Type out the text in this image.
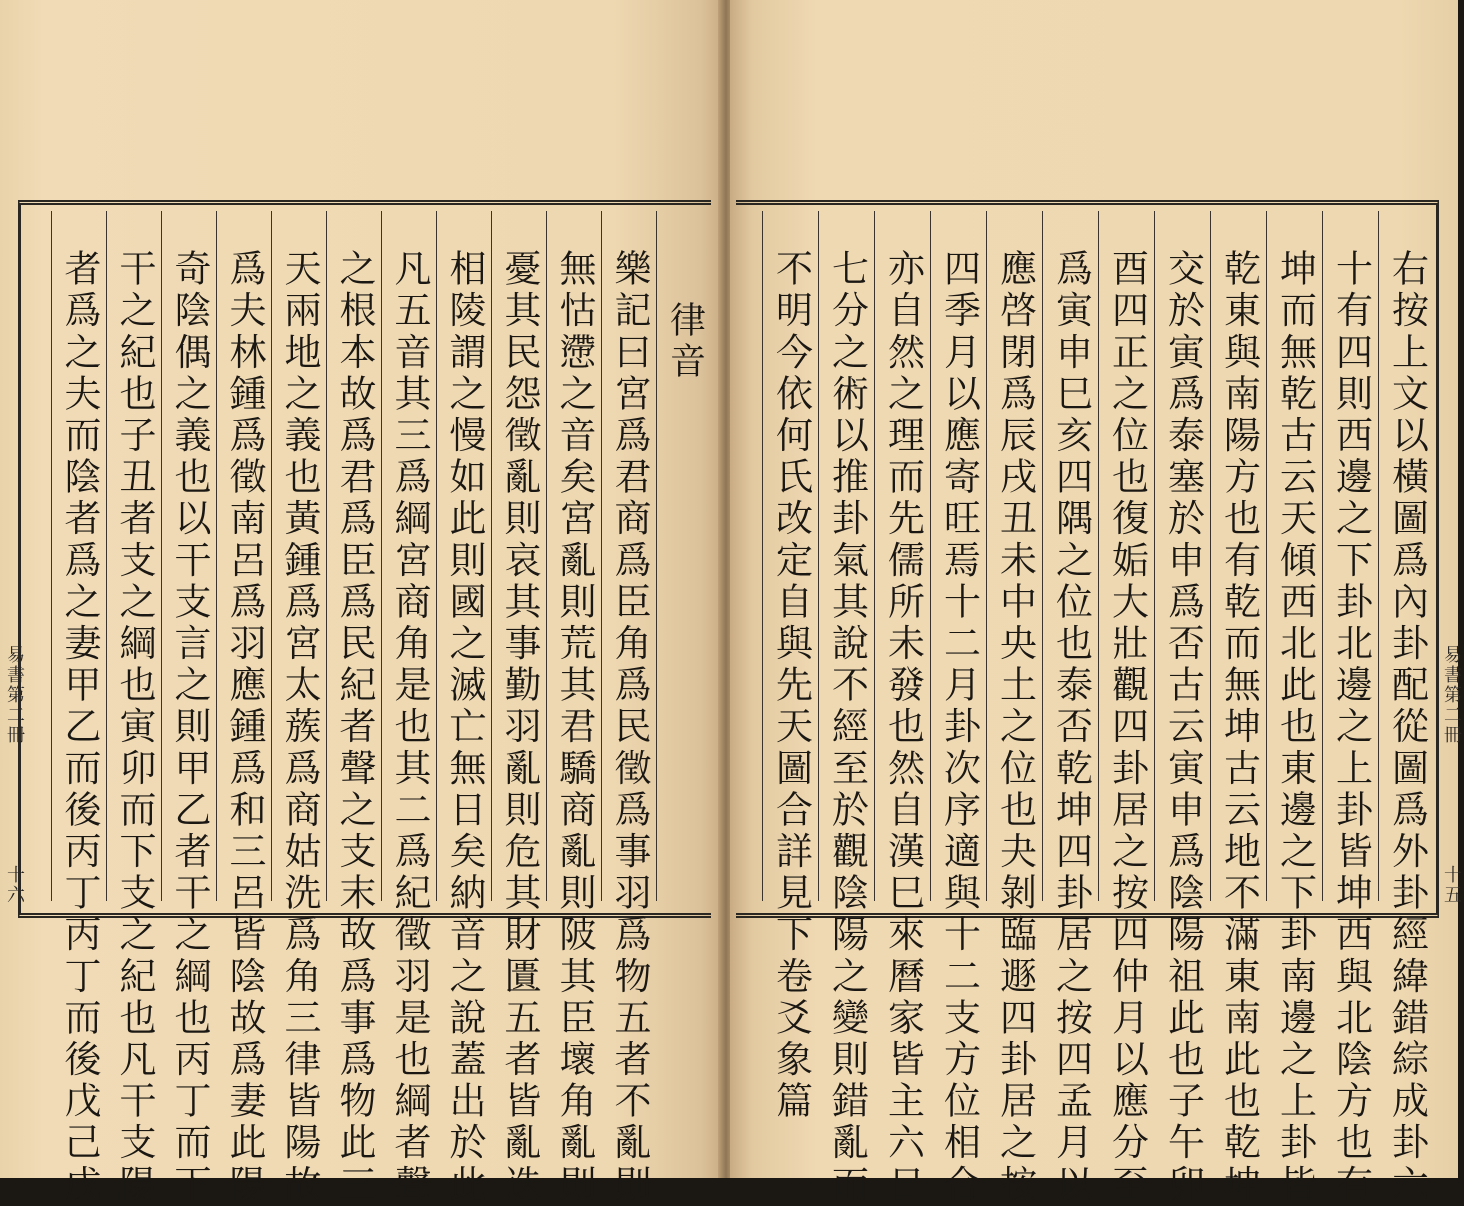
律音
樂記曰宮爲君商爲臣角爲民徵爲事羽爲物五者不亂則
無怙懘之音矣宮亂則荒其君驕商亂則陂其臣壞角亂則
憂其民怨徵亂則哀其事勤羽亂則危其財匱五者皆亂迭
相陵謂之慢如此則國之滅亡無日矣納音之說蓋出於此
凡五音其三爲綱宮商角是也其二爲紀徵羽是也綱者聲
之根本故爲君爲臣爲民紀者聲之支末故爲事爲物此三
天兩地之義也黃鍾爲宮太蔟爲商姑洗爲角三律皆陽故
爲夫林鍾爲徵南呂爲羽應鍾爲和三呂皆陰故爲妻此陽
奇陰偶之義也以干支言之則甲乙者干之綱也丙丁而下
干之紀也子丑者支之綱也寅卯而下支之紀也凡干支陽
者爲之夫而陰者爲之妻甲乙而後丙丁丙丁而後戊己戊
易書第二冊
十六	右按上文以橫圖爲內卦配從圖爲外卦經緯錯綜成卦六
十有四則西邊之下卦北邊之上卦皆坤西與北陰方也有
坤而無乾古云天傾西北此也東邊之下卦南邊之上卦皆
乾東與南陽方也有乾而無坤古云地不滿東南此也乾坤
交於寅爲泰塞於申爲否古云寅申爲陰陽祖此也子午卯
酉四正之位也復姤大壯觀四卦居之按四仲月以應分至
爲寅申巳亥四隅之位也泰否乾坤四卦居之按四孟月以
應啓閉爲辰戌丑未中央土之位也夬剝臨遯四卦居之按
四季月以應寄旺焉十二月卦次序適與十二支方位相合
亦自然之理而先儒所未發也然自漢巳來曆家皆主六日
七分之術以推卦氣其說不經至於觀陰陽之變則錯亂而
不明今依何氏改定自與先天圖合詳見下卷爻象篇	易書第二冊
十五
